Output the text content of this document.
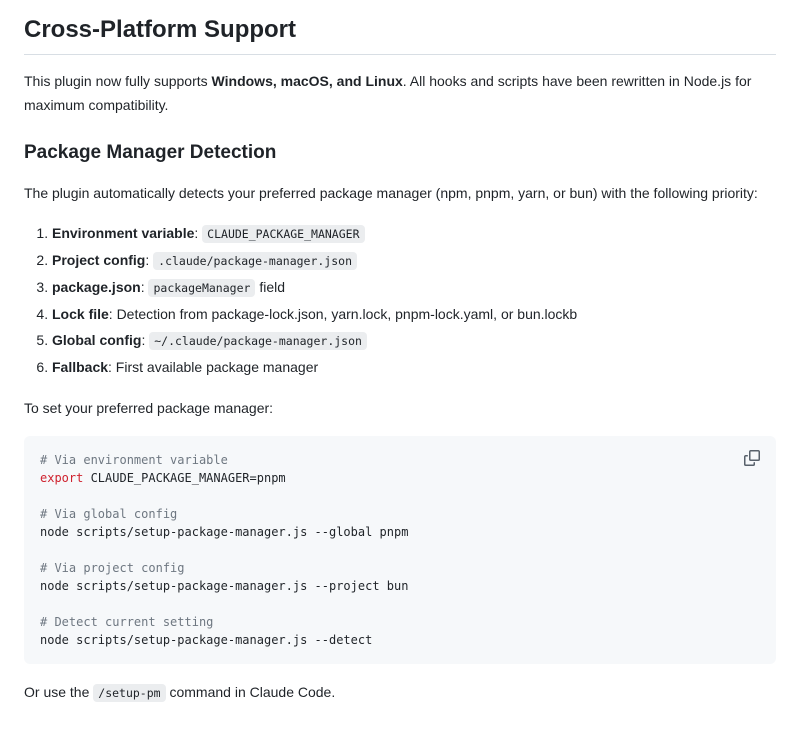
Cross-Platform Support

This plugin now fully supports Windows, macOS, and Linux. All hooks and scripts have been rewritten in Node.js for maximum compatibility.

Package Manager Detection

The plugin automatically detects your preferred package manager (npm, pnpm, yarn, or bun) with the following priority:

1. Environment variable: CLAUDE_PACKAGE_MANAGER
2. Project config: .claude/package-manager.json
3. package.json: packageManager field
4. Lock file: Detection from package-lock.json, yarn.lock, pnpm-lock.yaml, or bun.lockb
5. Global config: ~/.claude/package-manager.json
6. Fallback: First available package manager

To set your preferred package manager:

# Via environment variable
export CLAUDE_PACKAGE_MANAGER=pnpm
# Via global config
node scripts/setup-package-manager.js --global pnpm
# Via project config
node scripts/setup-package-manager.js --project bun
# Detect current setting
node scripts/setup-package-manager.js --detect

Or use the /setup-pm command in Claude Code.
